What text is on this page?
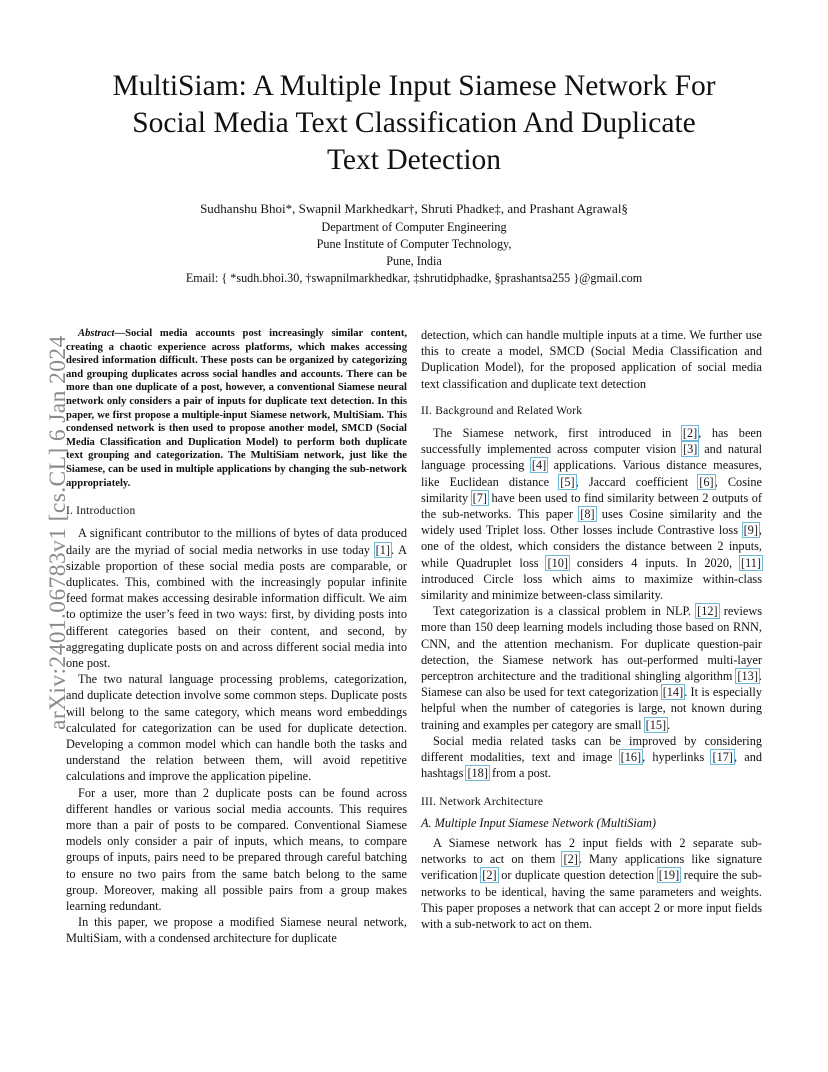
arXiv:2401.06783v1 [cs.CL] 6 Jan 2024
MultiSiam: A Multiple Input Siamese Network For
Social Media Text Classification And Duplicate
Text Detection
Sudhanshu Bhoi*, Swapnil Markhedkar†, Shruti Phadke‡, and Prashant Agrawal§
Department of Computer Engineering
Pune Institute of Computer Technology,
Pune, India
Email: { *sudh.bhoi.30, †swapnilmarkhedkar, ‡shrutidphadke, §prashantsa255 }@gmail.com

Abstract—Social media accounts post increasingly similar content, creating a chaotic experience across platforms, which makes accessing desired information difficult. These posts can be organized by categorizing and grouping duplicates across social handles and accounts. There can be more than one duplicate of a post, however, a conventional Siamese neural network only considers a pair of inputs for duplicate text detection. In this paper, we first propose a multiple-input Siamese network, MultiSiam. This condensed network is then used to propose another model, SMCD (Social Media Classification and Duplication Model) to perform both duplicate text grouping and categorization. The MultiSiam network, just like the Siamese, can be used in multiple applications by changing the sub-network appropriately.

I. Introduction

A significant contributor to the millions of bytes of data produced daily are the myriad of social media networks in use today [1]. A sizable proportion of these social media posts are comparable, or duplicates. This, combined with the increasingly popular infinite feed format makes accessing desirable information difficult. We aim to optimize the user’s feed in two ways: first, by dividing posts into different categories based on their content, and second, by aggregating duplicate posts on and across different social media into one post.

The two natural language processing problems, categorization, and duplicate detection involve some common steps. Duplicate posts will belong to the same category, which means word embeddings calculated for categorization can be used for duplicate detection. Developing a common model which can handle both the tasks and understand the relation between them, will avoid repetitive calculations and improve the application pipeline.

For a user, more than 2 duplicate posts can be found across different handles or various social media accounts. This requires more than a pair of posts to be compared. Conventional Siamese models only consider a pair of inputs, which means, to compare groups of inputs, pairs need to be prepared through careful batching to ensure no two pairs from the same batch belong to the same group. Moreover, making all possible pairs from a group makes learning redundant.

In this paper, we propose a modified Siamese neural network, MultiSiam, with a condensed architecture for duplicate

detection, which can handle multiple inputs at a time. We further use this to create a model, SMCD (Social Media Classification and Duplication Model), for the proposed application of social media text classification and duplicate text detection

II. Background and Related Work

The Siamese network, first introduced in [2], has been successfully implemented across computer vision [3] and natural language processing [4] applications. Various distance measures, like Euclidean distance [5], Jaccard coefficient [6], Cosine similarity [7] have been used to find similarity between 2 outputs of the sub-networks. This paper [8] uses Cosine similarity and the widely used Triplet loss. Other losses include Contrastive loss [9], one of the oldest, which considers the distance between 2 inputs, while Quadruplet loss [10] considers 4 inputs. In 2020, [11] introduced Circle loss which aims to maximize within-class similarity and minimize between-class similarity.

Text categorization is a classical problem in NLP. [12] reviews more than 150 deep learning models including those based on RNN, CNN, and the attention mechanism. For duplicate question-pair detection, the Siamese network has out-performed multi-layer perceptron architecture and the traditional shingling algorithm [13]. Siamese can also be used for text categorization [14]. It is especially helpful when the number of categories is large, not known during training and examples per category are small [15].

Social media related tasks can be improved by considering different modalities, text and image [16], hyperlinks [17], and hashtags [18] from a post.

III. Network Architecture

A. Multiple Input Siamese Network (MultiSiam)

A Siamese network has 2 input fields with 2 separate sub-networks to act on them [2]. Many applications like signature verification [2] or duplicate question detection [19] require the sub-networks to be identical, having the same parameters and weights. This paper proposes a network that can accept 2 or more input fields with a sub-network to act on them.
